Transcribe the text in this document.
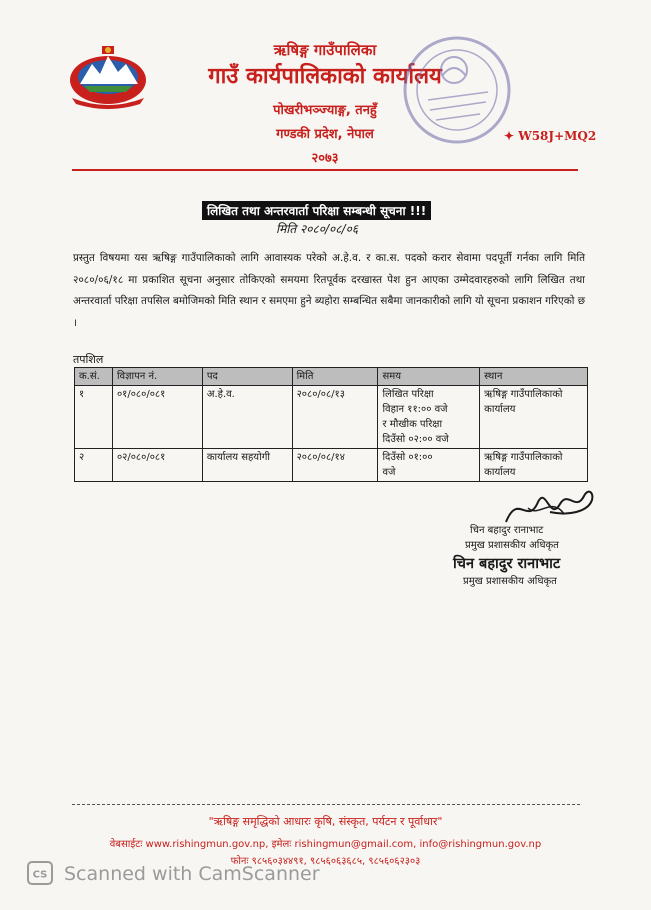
ऋषिङ्ग गाउँपालिका
गाउँ कार्यपालिकाको कार्यालय
पोखरीभञ्ज्याङ्ग, तनहुँ
गण्डकी प्रदेश, नेपाल
२०७३
✦ W58J+MQ2
लिखित तथा अन्तरवार्ता परिक्षा सम्बन्धी सूचना !!!
मिति २०८०/०८/०६
प्रस्तुत विषयमा यस ऋषिङ्ग गाउँपालिकाको लागि आवास्यक परेको अ.हे.व. र का.स. पदको करार सेवामा पदपूर्ती गर्नका लागि मिति २०८०/०६/१८ मा प्रकाशित सूचना अनुसार तोकिएको समयमा रितपूर्वक दरखास्त पेश हुन आएका उम्मेदवारहरुको लागि लिखित तथा अन्तरवार्ता परिक्षा तपसिल बमोजिमको मिति स्थान र समएमा हुने ब्यहोरा सम्बन्धित सबैमा जानकारीको लागि यो सूचना प्रकाशन गरिएको छ ।
तपशिल
क.सं.	विज्ञापन नं.	पद	मिति	समय	स्थान
१	०१/०८०/०८१	अ.हे.व.	२०८०/०८/१३	लिखित परिक्षा
विहान ११:०० वजे
र मौखीक परिक्षा
दिउँसो ०२:०० वजे	ऋषिङ्ग गाउँपालिकाको कार्यालय
२	०२/०८०/०८१	कार्यालय सहयोगी	२०८०/०८/१४	दिउँसो ०१:००
वजे	ऋषिङ्ग गाउँपालिकाको कार्यालय
चिन बहादुर रानाभाट
प्रमुख प्रशासकीय अधिकृत
चिन बहादुर रानाभाट
प्रमुख प्रशासकीय अधिकृत
"ऋषिङ्ग समृद्धिको आधारः कृषि, संस्कृत, पर्यटन र पूर्वाधार"
वेबसाईटः www.rishingmun.gov.np, इमेलः rishingmun@gmail.com, info@rishingmun.gov.np
फोनः ९८५६०३४४९१, ९८५६०६३६८५, ९८५६०६२३०३
CS Scanned with CamScanner
